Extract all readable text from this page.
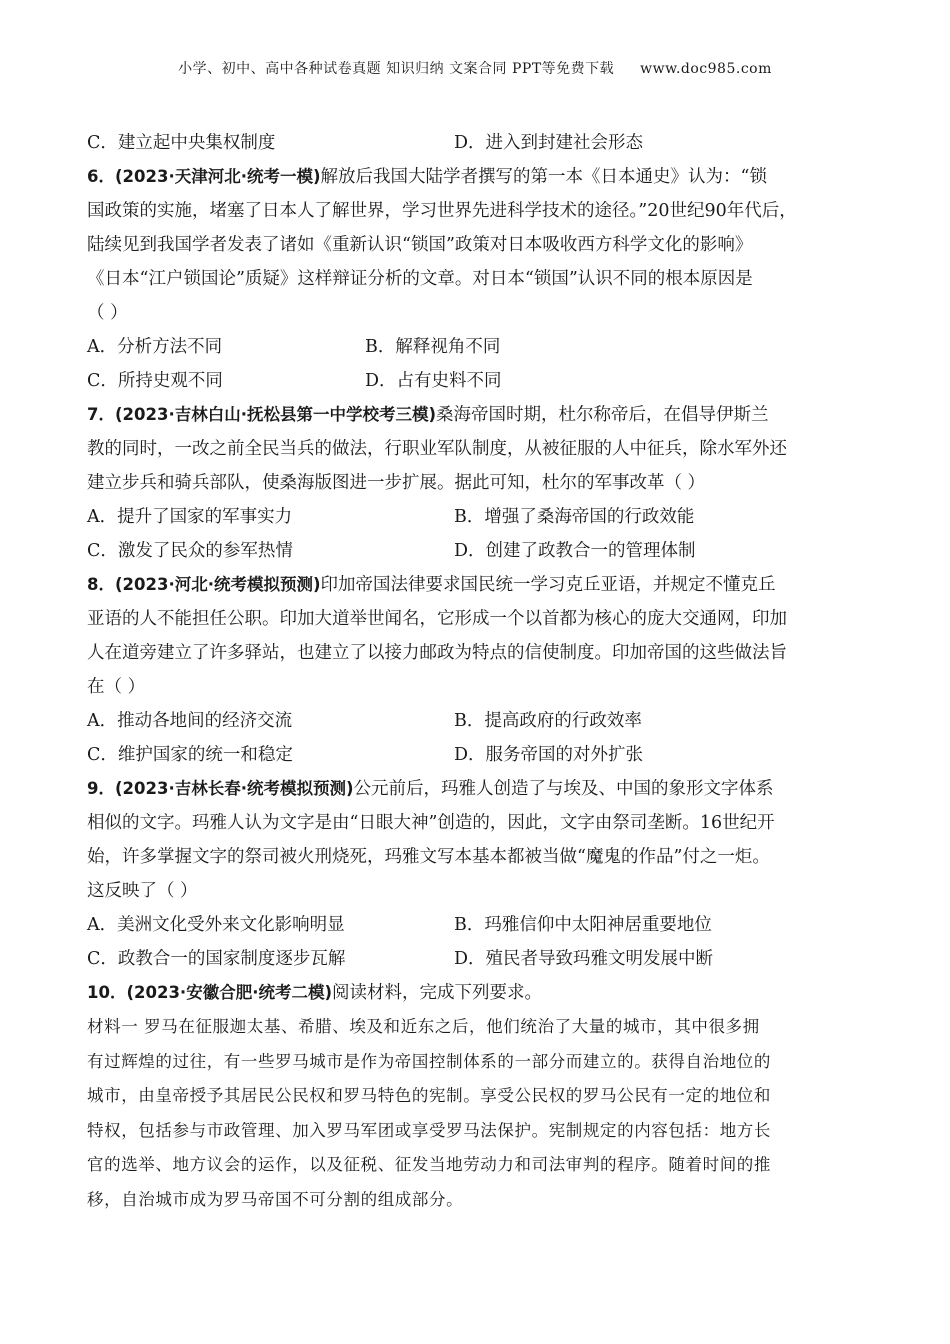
小学、初中、高中各种试卷真题 知识归纳 文案合同 PPT等免费下载 www.doc985.com
C．建立起中央集权制度	D．进入到封建社会形态
6．(2023·天津河北·统考一模)解放后我国大陆学者撰写的第一本《日本通史》认为：“锁
国政策的实施，堵塞了日本人了解世界，学习世界先进科学技术的途径。”20世纪90年代后，
陆续见到我国学者发表了诸如《重新认识“锁国”政策对日本吸收西方科学文化的影响》
《日本“江户锁国论”质疑》这样辩证分析的文章。对日本“锁国”认识不同的根本原因是
（ ）
A．分析方法不同	B．解释视角不同
C．所持史观不同	D．占有史料不同
7．(2023·吉林白山·抚松县第一中学校考三模)桑海帝国时期，杜尔称帝后，在倡导伊斯兰
教的同时，一改之前全民当兵的做法，行职业军队制度，从被征服的人中征兵，除水军外还
建立步兵和骑兵部队，使桑海版图进一步扩展。据此可知，杜尔的军事改革（ ）
A．提升了国家的军事实力	B．增强了桑海帝国的行政效能
C．激发了民众的参军热情	D．创建了政教合一的管理体制
8．(2023·河北·统考模拟预测)印加帝国法律要求国民统一学习克丘亚语，并规定不懂克丘
亚语的人不能担任公职。印加大道举世闻名，它形成一个以首都为核心的庞大交通网，印加
人在道旁建立了许多驿站，也建立了以接力邮政为特点的信使制度。印加帝国的这些做法旨
在（ ）
A．推动各地间的经济交流	B．提高政府的行政效率
C．维护国家的统一和稳定	D．服务帝国的对外扩张
9．(2023·吉林长春·统考模拟预测)公元前后，玛雅人创造了与埃及、中国的象形文字体系
相似的文字。玛雅人认为文字是由“日眼大神”创造的，因此，文字由祭司垄断。16世纪开
始，许多掌握文字的祭司被火刑烧死，玛雅文写本基本都被当做“魔鬼的作品”付之一炬。
这反映了（ ）
A．美洲文化受外来文化影响明显	B．玛雅信仰中太阳神居重要地位
C．政教合一的国家制度逐步瓦解	D．殖民者导致玛雅文明发展中断
10．(2023·安徽合肥·统考二模)阅读材料，完成下列要求。
材料一 罗马在征服迦太基、希腊、埃及和近东之后，他们统治了大量的城市，其中很多拥
有过辉煌的过往，有一些罗马城市是作为帝国控制体系的一部分而建立的。获得自治地位的
城市，由皇帝授予其居民公民权和罗马特色的宪制。享受公民权的罗马公民有一定的地位和
特权，包括参与市政管理、加入罗马军团或享受罗马法保护。宪制规定的内容包括：地方长
官的选举、地方议会的运作，以及征税、征发当地劳动力和司法审判的程序。随着时间的推
移，自治城市成为罗马帝国不可分割的组成部分。
